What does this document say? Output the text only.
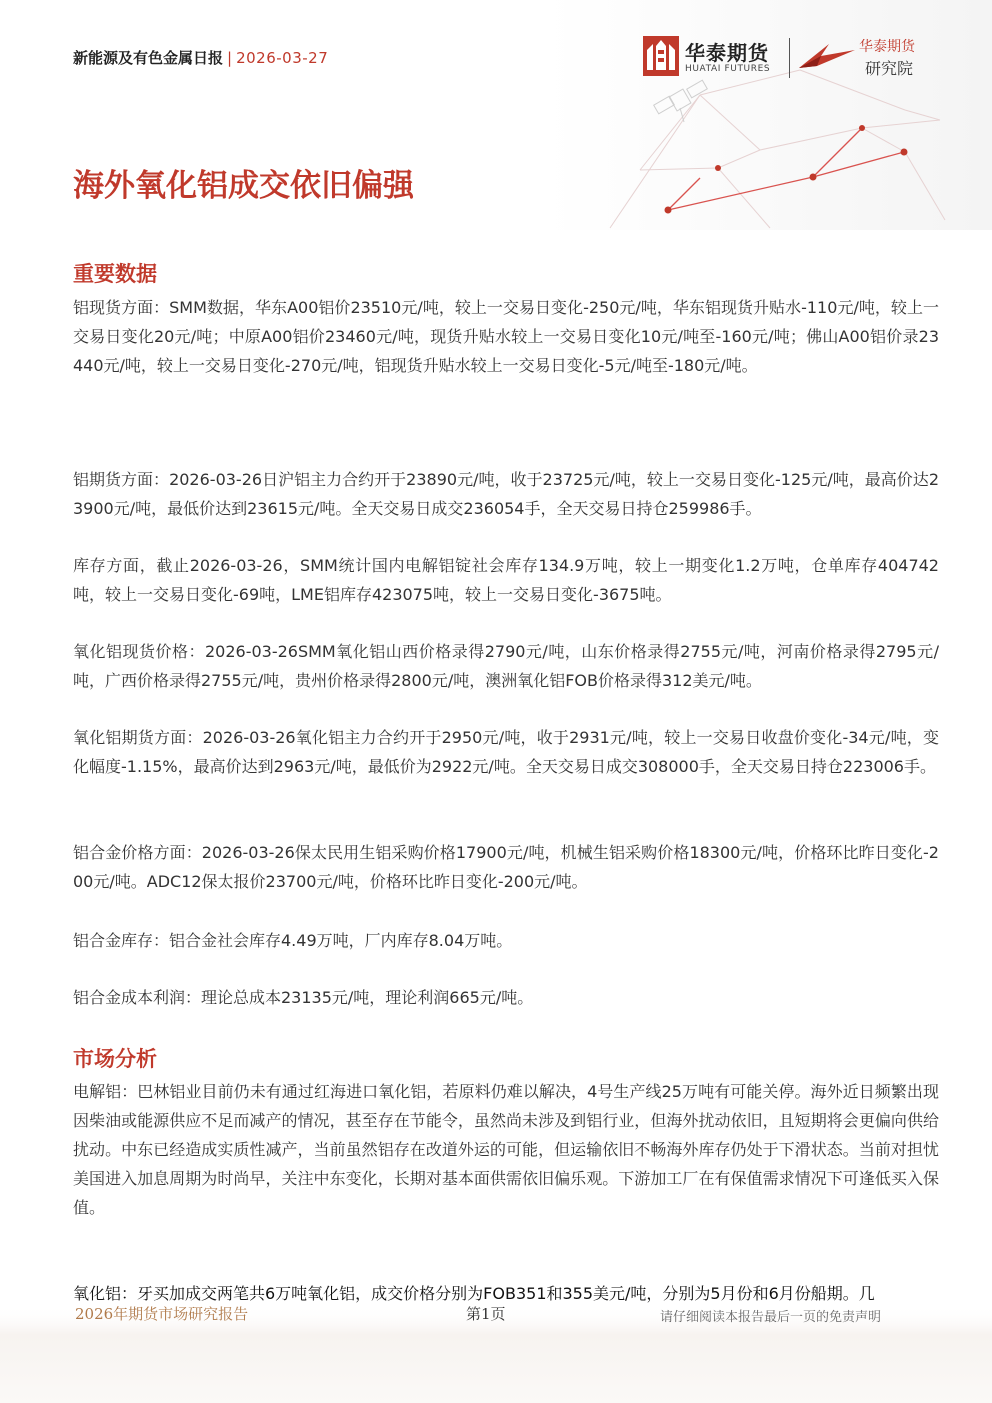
新能源及有色金属日报 | 2026-03-27	华泰期货
HUATAI FUTURES
华泰期货
研究院
海外氧化铝成交依旧偏强
重要数据
铝现货方面：SMM数据，华东A00铝价23510元/吨，较上一交易日变化-250元/吨，华东铝现货升贴水-110元/吨，较上一交易日变化20元/吨；中原A00铝价23460元/吨，现货升贴水较上一交易日变化10元/吨至-160元/吨；佛山A00铝价录23440元/吨，较上一交易日变化-270元/吨，铝现货升贴水较上一交易日变化-5元/吨至-180元/吨。
铝期货方面：2026-03-26日沪铝主力合约开于23890元/吨，收于23725元/吨，较上一交易日变化-125元/吨，最高价达23900元/吨，最低价达到23615元/吨。全天交易日成交236054手，全天交易日持仓259986手。
库存方面，截止2026-03-26，SMM统计国内电解铝锭社会库存134.9万吨，较上一期变化1.2万吨，仓单库存404742吨，较上一交易日变化-69吨，LME铝库存423075吨，较上一交易日变化-3675吨。
氧化铝现货价格：2026-03-26SMM氧化铝山西价格录得2790元/吨，山东价格录得2755元/吨，河南价格录得2795元/吨，广西价格录得2755元/吨，贵州价格录得2800元/吨，澳洲氧化铝FOB价格录得312美元/吨。
氧化铝期货方面：2026-03-26氧化铝主力合约开于2950元/吨，收于2931元/吨，较上一交易日收盘价变化-34元/吨，变化幅度-1.15%，最高价达到2963元/吨，最低价为2922元/吨。全天交易日成交308000手，全天交易日持仓223006手。
铝合金价格方面：2026-03-26保太民用生铝采购价格17900元/吨，机械生铝采购价格18300元/吨，价格环比昨日变化-200元/吨。ADC12保太报价23700元/吨，价格环比昨日变化-200元/吨。
铝合金库存：铝合金社会库存4.49万吨，厂内库存8.04万吨。
铝合金成本利润：理论总成本23135元/吨，理论利润665元/吨。
市场分析
电解铝：巴林铝业目前仍未有通过红海进口氧化铝，若原料仍难以解决，4号生产线25万吨有可能关停。海外近日频繁出现因柴油或能源供应不足而减产的情况，甚至存在节能令，虽然尚未涉及到铝行业，但海外扰动依旧，且短期将会更偏向供给扰动。中东已经造成实质性减产，当前虽然铝存在改道外运的可能，但运输依旧不畅海外库存仍处于下滑状态。当前对担忧美国进入加息周期为时尚早，关注中东变化，长期对基本面供需依旧偏乐观。下游加工厂在有保值需求情况下可逢低买入保值。
氧化铝：牙买加成交两笔共6万吨氧化铝，成交价格分别为FOB351和355美元/吨，分别为5月份和6月份船期。几
2026年期货市场研究报告	第1页	请仔细阅读本报告最后一页的免责声明
